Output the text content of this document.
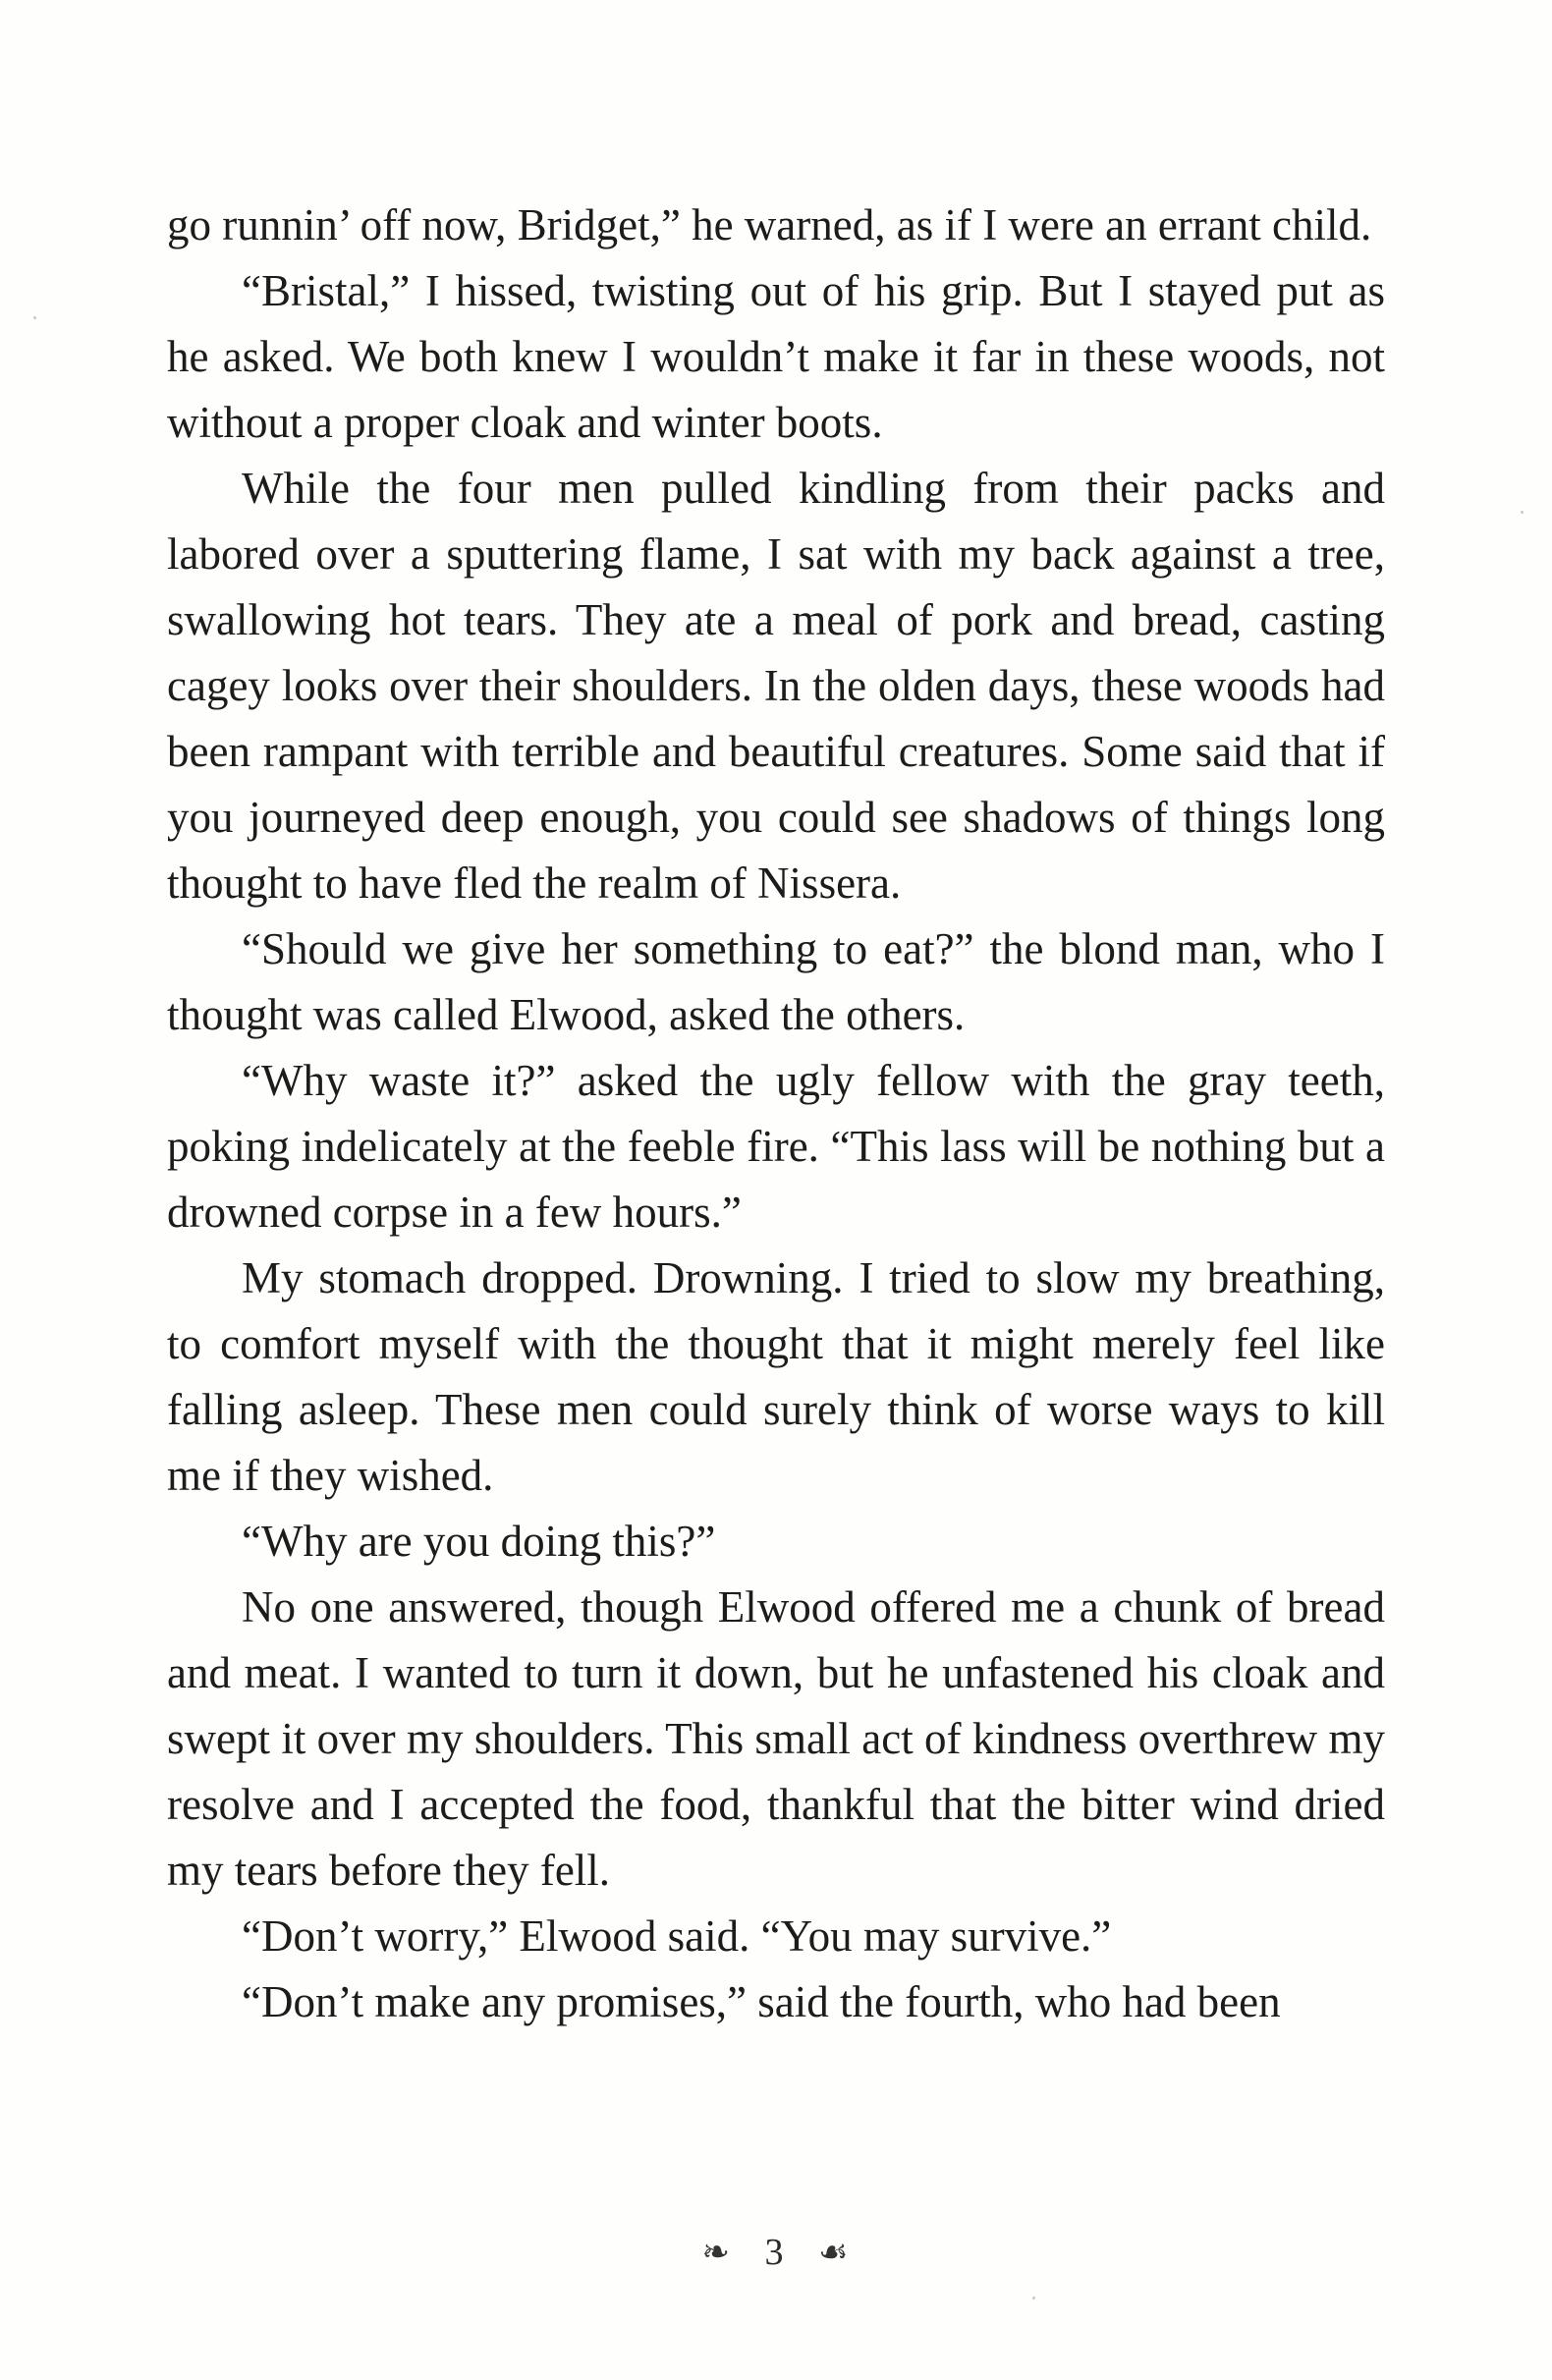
go runnin’ off now, Bridget,” he warned, as if I were an errant child.

“Bristal,” I hissed, twisting out of his grip. But I stayed put as he asked. We both knew I wouldn’t make it far in these woods, not without a proper cloak and winter boots.

While the four men pulled kindling from their packs and labored over a sputtering flame, I sat with my back against a tree, swallowing hot tears. They ate a meal of pork and bread, casting cagey looks over their shoulders. In the olden days, these woods had been rampant with terrible and beautiful creatures. Some said that if you journeyed deep enough, you could see shadows of things long thought to have fled the realm of Nissera.

“Should we give her something to eat?” the blond man, who I thought was called Elwood, asked the others.

“Why waste it?” asked the ugly fellow with the gray teeth, poking indelicately at the feeble fire. “This lass will be nothing but a drowned corpse in a few hours.”

My stomach dropped. Drowning. I tried to slow my breathing, to comfort myself with the thought that it might merely feel like falling asleep. These men could surely think of worse ways to kill me if they wished.

“Why are you doing this?”

No one answered, though Elwood offered me a chunk of bread and meat. I wanted to turn it down, but he unfastened his cloak and swept it over my shoulders. This small act of kindness overthrew my resolve and I accepted the food, thankful that the bitter wind dried my tears before they fell.

“Don’t worry,” Elwood said. “You may survive.”

“Don’t make any promises,” said the fourth, who had been

❧ 3 ☙
